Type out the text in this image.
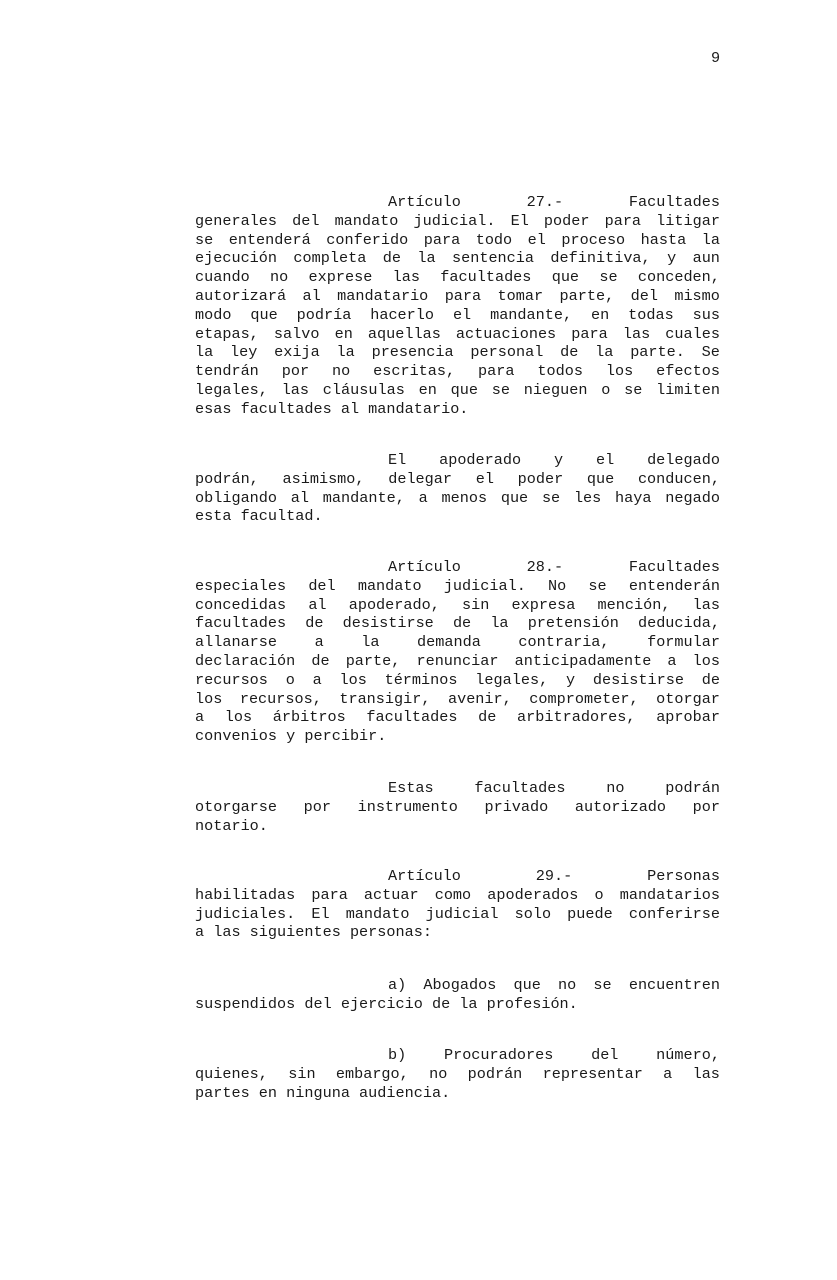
9
Artículo	27.-	Facultades
generales del mandato judicial. El poder para litigar
se entenderá conferido para todo el proceso hasta la
ejecución completa de la sentencia definitiva, y aun
cuando no exprese las facultades que se conceden,
autorizará al mandatario para tomar parte, del mismo
modo que podría hacerlo el mandante, en todas sus
etapas, salvo en aquellas actuaciones para las cuales
la ley exija la presencia personal de la parte. Se
tendrán por no escritas, para todos los efectos
legales, las cláusulas en que se nieguen o se limiten
esas facultades al mandatario.
El apoderado y el delegado
podrán, asimismo, delegar el poder que conducen,
obligando al mandante, a menos que se les haya negado
esta facultad.
Artículo	28.-	Facultades
especiales del mandato judicial. No se entenderán
concedidas al apoderado, sin expresa mención, las
facultades de desistirse de la pretensión deducida,
allanarse a la demanda contraria, formular
declaración de parte, renunciar anticipadamente a los
recursos o a los términos legales, y desistirse de
los recursos, transigir, avenir, comprometer, otorgar
a los árbitros facultades de arbitradores, aprobar
convenios y percibir.
Estas	facultades	no	podrán
otorgarse por instrumento privado autorizado por
notario.
Artículo	29.-	Personas
habilitadas para actuar como apoderados o mandatarios
judiciales. El mandato judicial solo puede conferirse
a las siguientes personas:
a) Abogados que no se encuentren
suspendidos del ejercicio de la profesión.
b) Procuradores del número,
quienes, sin embargo, no podrán representar a las
partes en ninguna audiencia.
